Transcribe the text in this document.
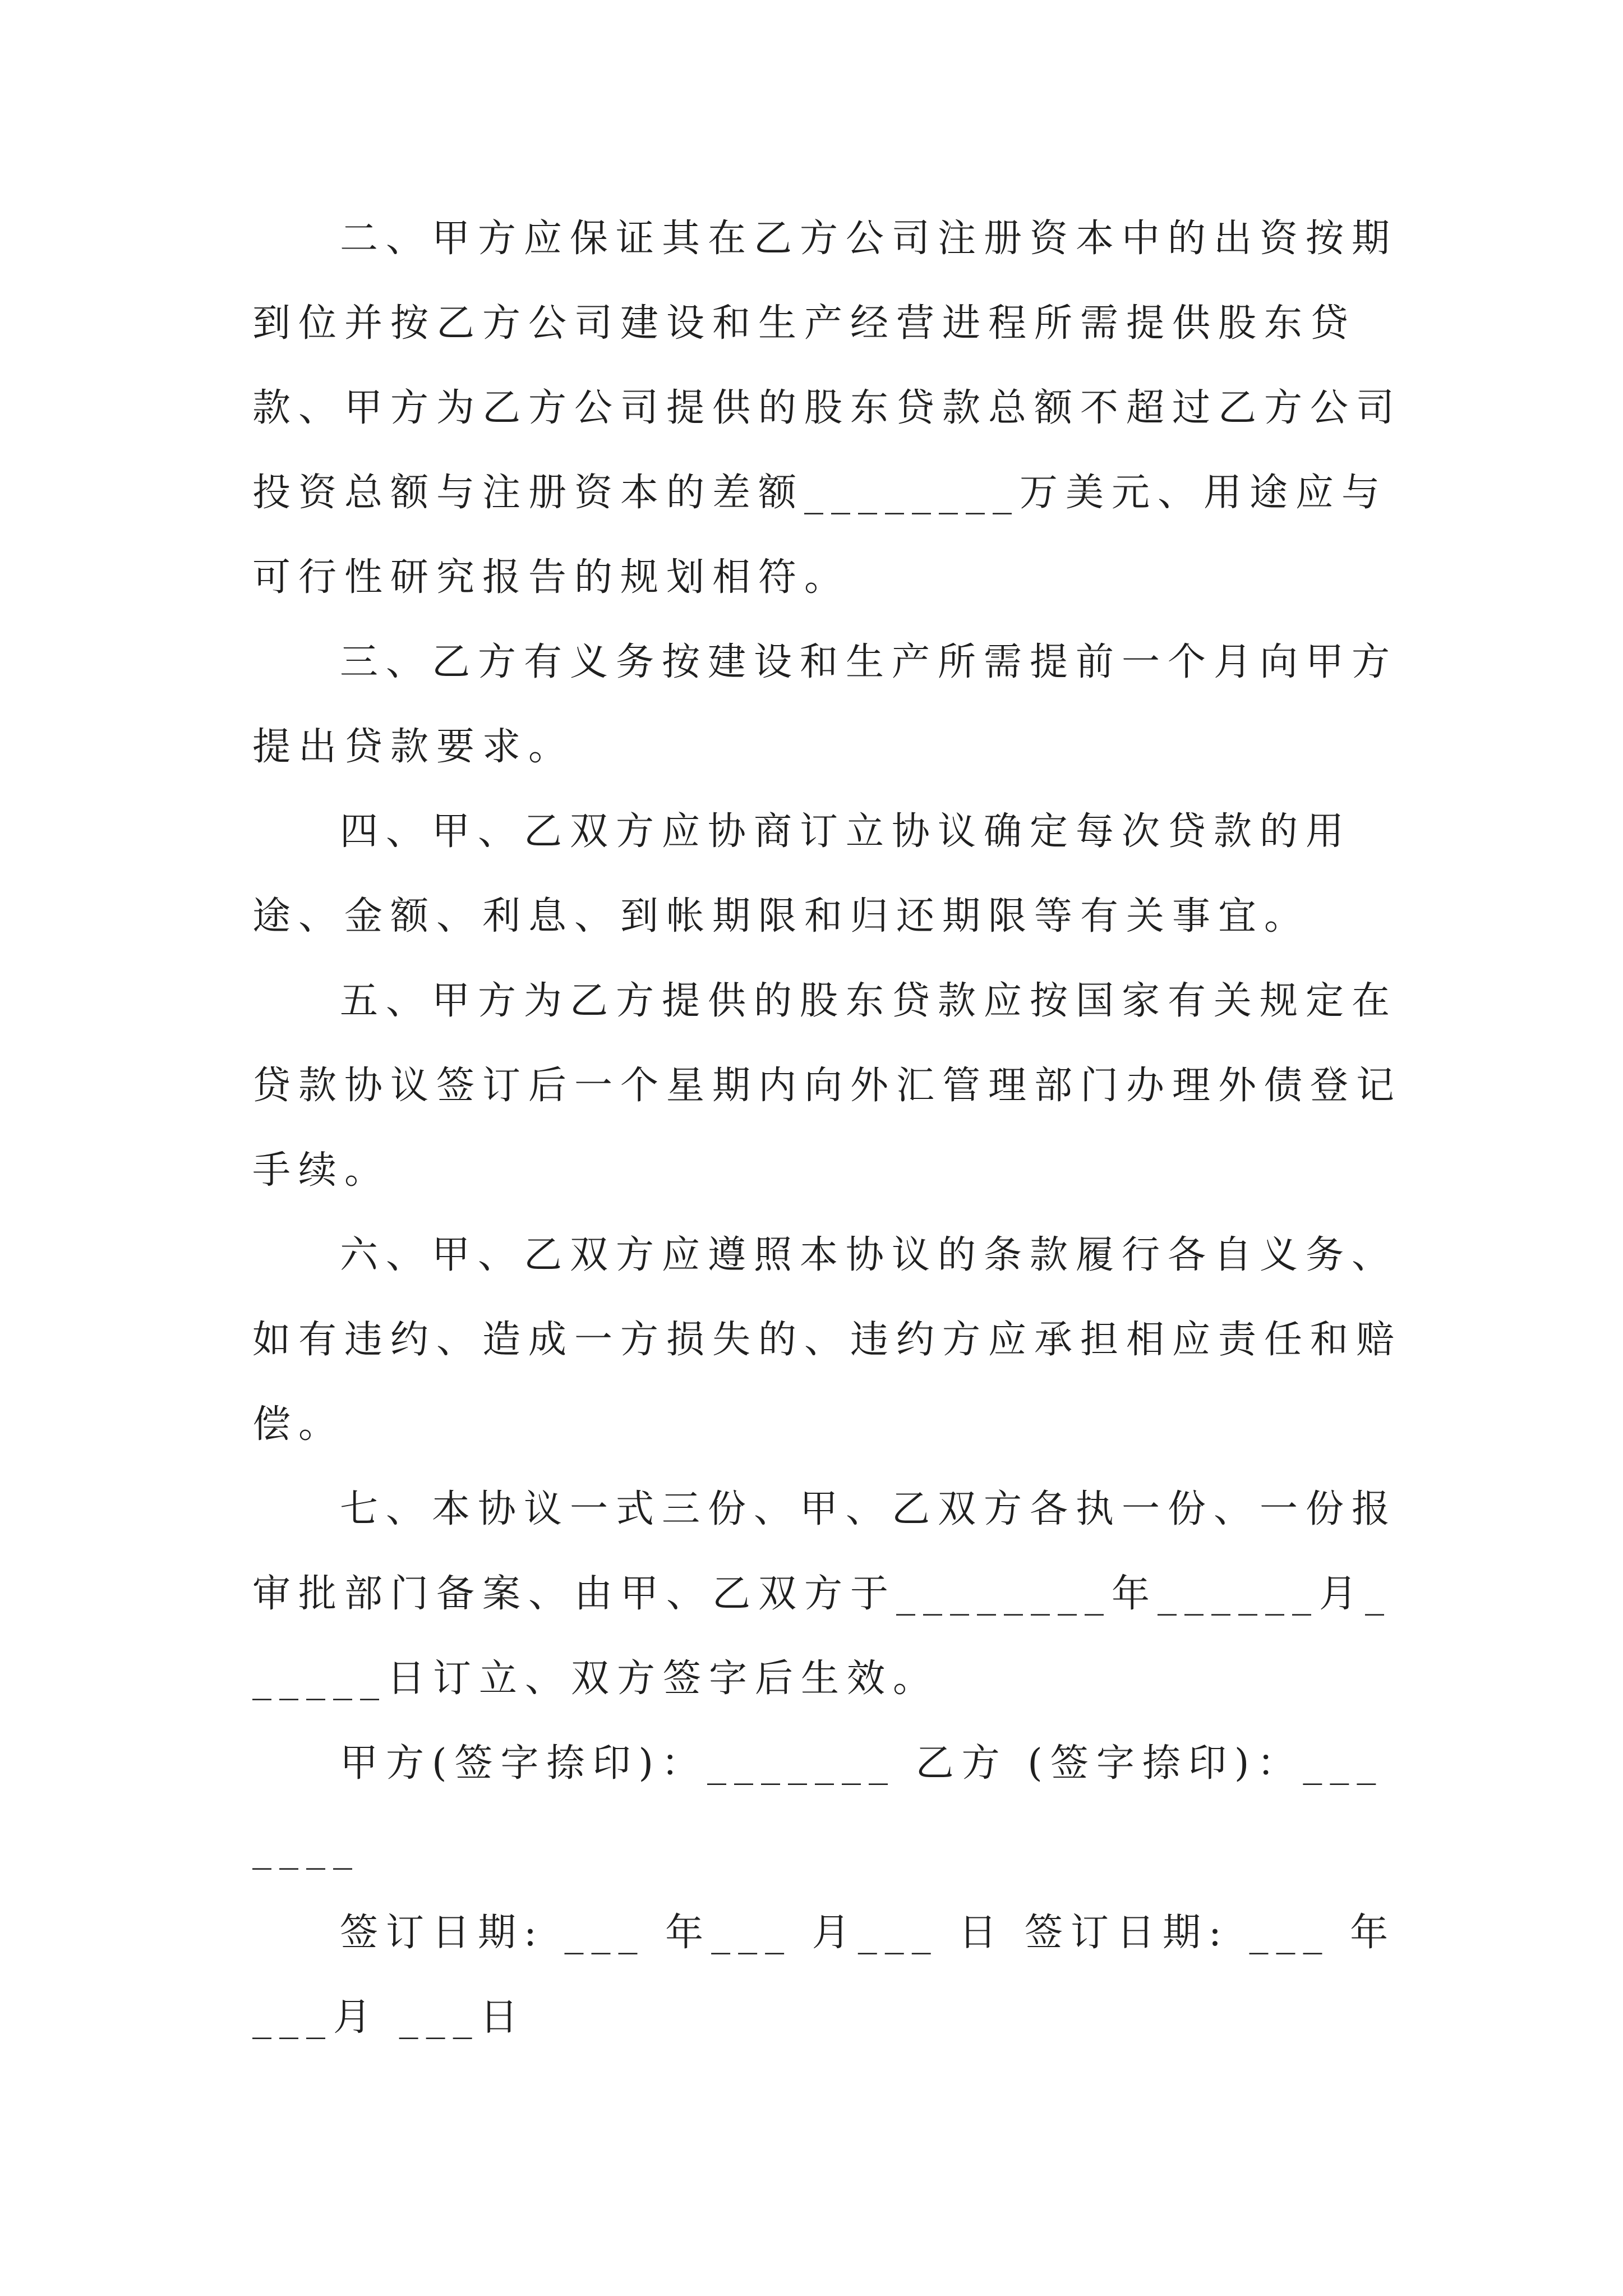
二、甲方应保证其在乙方公司注册资本中的出资按期到位并按乙方公司建设和生产经营进程所需提供股东贷款、甲方为乙方公司提供的股东贷款总额不超过乙方公司投资总额与注册资本的差额________万美元、用途应与可行性研究报告的规划相符。

三、乙方有义务按建设和生产所需提前一个月向甲方提出贷款要求。

四、甲、乙双方应协商订立协议确定每次贷款的用途、金额、利息、到帐期限和归还期限等有关事宜。

五、甲方为乙方提供的股东贷款应按国家有关规定在贷款协议签订后一个星期内向外汇管理部门办理外债登记手续。

六、甲、乙双方应遵照本协议的条款履行各自义务、如有违约、造成一方损失的、违约方应承担相应责任和赔偿。

七、本协议一式三份、甲、乙双方各执一份、一份报审批部门备案、由甲、乙双方于________年______月______日订立、双方签字后生效。

甲方(签字捺印)：_______ 乙方 (签字捺印)：_______

签订日期: ___ 年___ 月___ 日 签订日期: ___ 年 ___月 ___日
